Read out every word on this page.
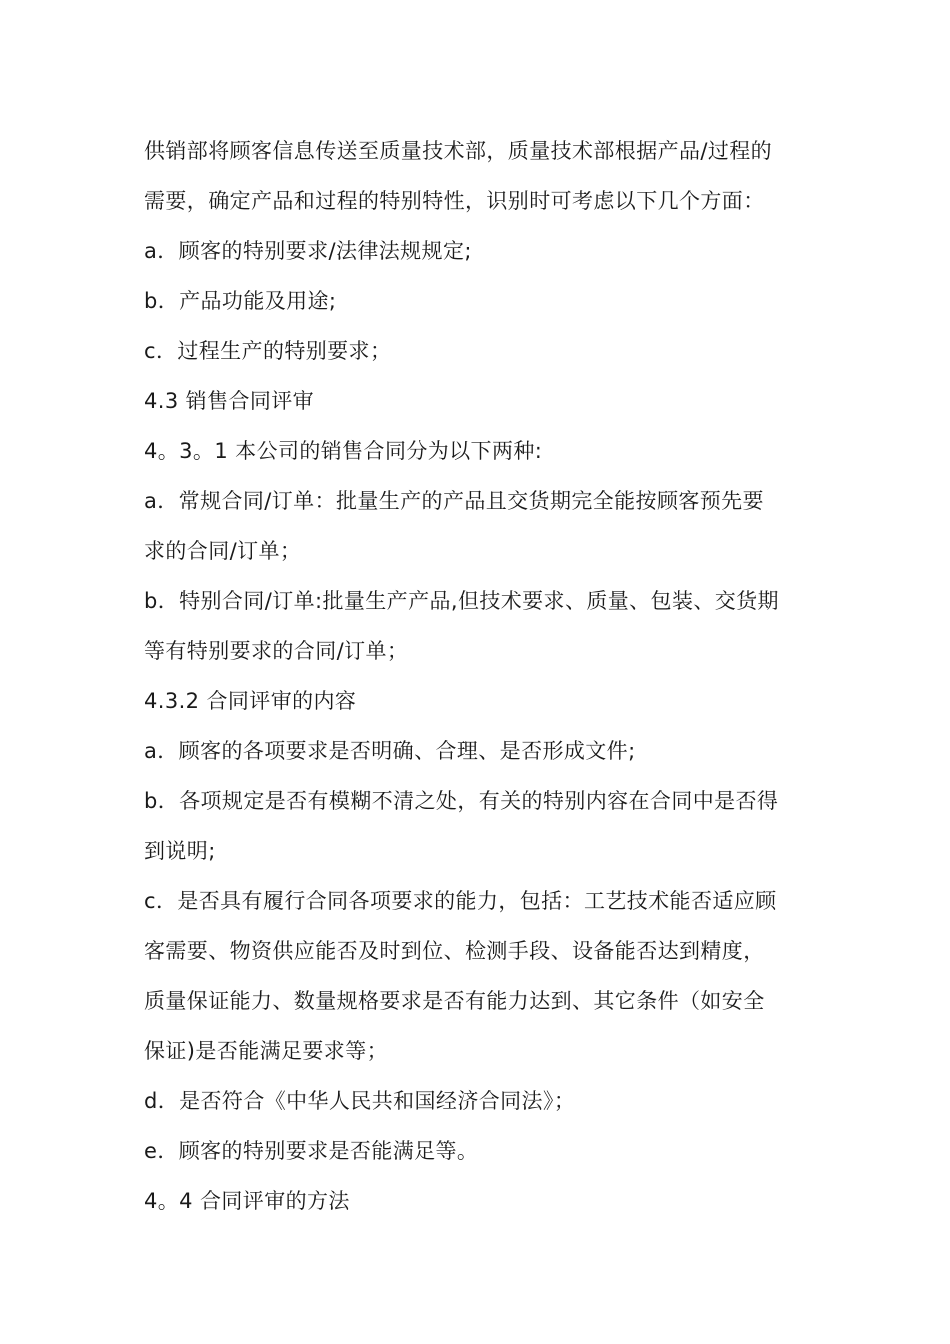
供销部将顾客信息传送至质量技术部，质量技术部根据产品/过程的
需要，确定产品和过程的特别特性，识别时可考虑以下几个方面：
a．顾客的特别要求/法律法规规定;
b．产品功能及用途;
c．过程生产的特别要求；
4.3 销售合同评审
4。3。1 本公司的销售合同分为以下两种:
a．常规合同/订单：批量生产的产品且交货期完全能按顾客预先要
求的合同/订单；
b．特别合同/订单:批量生产产品,但技术要求、质量、包装、交货期
等有特别要求的合同/订单；
4.3.2 合同评审的内容
a．顾客的各项要求是否明确、合理、是否形成文件;
b．各项规定是否有模糊不清之处，有关的特别内容在合同中是否得
到说明;
c．是否具有履行合同各项要求的能力，包括：工艺技术能否适应顾
客需要、物资供应能否及时到位、检测手段、设备能否达到精度，
质量保证能力、数量规格要求是否有能力达到、其它条件（如安全
保证)是否能满足要求等；
d．是否符合《中华人民共和国经济合同法》；
e．顾客的特别要求是否能满足等。
4。4 合同评审的方法
